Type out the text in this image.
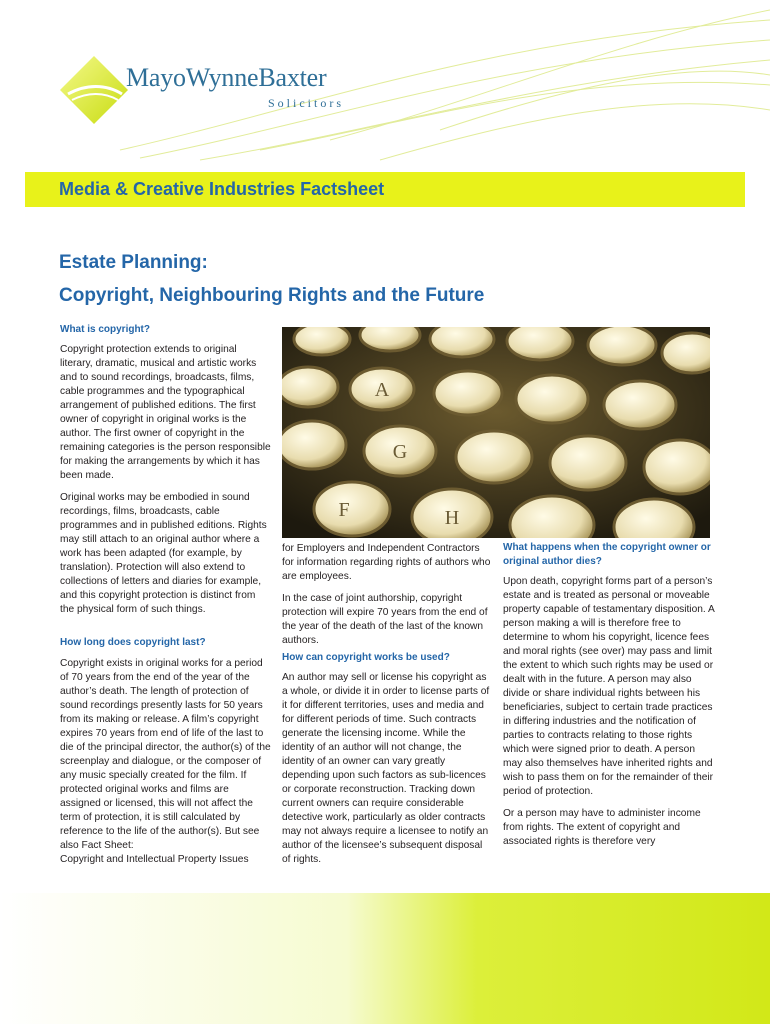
MayoWynneBaxter
Solicitors
Media & Creative Industries Factsheet
Estate Planning:
Copyright, Neighbouring Rights and the Future
What is copyright?

Copyright protection extends to original literary, dramatic, musical and artistic works and to sound recordings, broadcasts, films, cable programmes and the typographical arrangement of published editions. The first owner of copyright in original works is the author. The first owner of copyright in the remaining categories is the person responsible for making the arrangements by which it has been made.

Original works may be embodied in sound recordings, films, broadcasts, cable programmes and in published editions. Rights may still attach to an original author where a work has been adapted (for example, by translation). Protection will also extend to collections of letters and diaries for example, and this copyright protection is distinct from the physical form of such things.

How long does copyright last?

Copyright exists in original works for a period of 70 years from the end of the year of the author’s death. The length of protection of sound recordings presently lasts for 50 years from its making or release. A film’s copyright expires 70 years from end of life of the last to die of the principal director, the author(s) of the screenplay and dialogue, or the composer of any music specially created for the film. If protected original works and films are assigned or licensed, this will not affect the term of protection, it is still calculated by reference to the life of the author(s). But see also Fact Sheet:

Copyright and Intellectual Property Issues
A
F
G
H

for Employers and Independent Contractors for information regarding rights of authors who are employees.

In the case of joint authorship, copyright protection will expire 70 years from the end of the year of the death of the last of the known authors.

How can copyright works be used?

An author may sell or license his copyright as a whole, or divide it in order to license parts of it for different territories, uses and media and for different periods of time. Such contracts generate the licensing income. While the identity of an author will not change, the identity of an owner can vary greatly depending upon such factors as sub-licences or corporate reconstruction. Tracking down current owners can require considerable detective work, particularly as older contracts may not always require a licensee to notify an author of the licensee’s subsequent disposal of rights.

What happens when the copyright owner or original author dies?

Upon death, copyright forms part of a person’s estate and is treated as personal or moveable property capable of testamentary disposition. A person making a will is therefore free to determine to whom his copyright, licence fees and moral rights (see over) may pass and limit the extent to which such rights may be used or dealt with in the future. A person may also divide or share individual rights between his beneficiaries, subject to certain trade practices in differing industries and the notification of parties to contracts relating to those rights which were signed prior to death. A person may also themselves have inherited rights and wish to pass them on for the remainder of their period of protection.

Or a person may have to administer income from rights. The extent of copyright and associated rights is therefore very
